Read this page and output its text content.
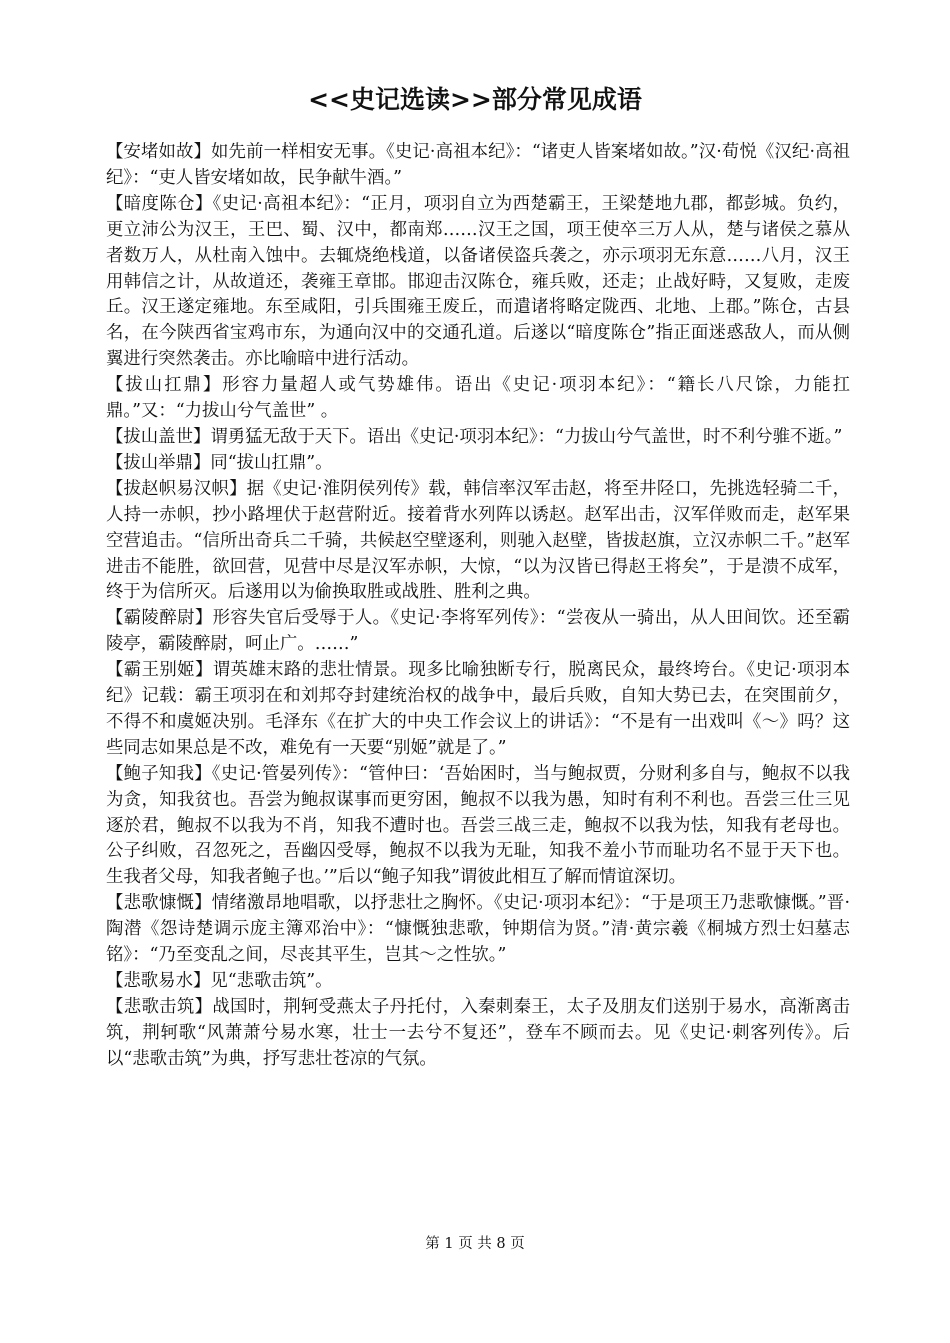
<<史记选读>>部分常见成语

【安堵如故】如先前一样相安无事。《史记·高祖本纪》：“诸吏人皆案堵如故。”汉·荀悦《汉纪·高祖纪》：“吏人皆安堵如故，民争献牛酒。”

【暗度陈仓】《史记·高祖本纪》：“正月，项羽自立为西楚霸王，王梁楚地九郡，都彭城。负约，更立沛公为汉王，王巴、蜀、汉中，都南郑……汉王之国，项王使卒三万人从，楚与诸侯之慕从者数万人，从杜南入蚀中。去辄烧绝栈道，以备诸侯盗兵袭之，亦示项羽无东意……八月，汉王用韩信之计，从故道还，袭雍王章邯。邯迎击汉陈仓，雍兵败，还走；止战好畤，又复败，走废丘。汉王遂定雍地。东至咸阳，引兵围雍王废丘，而遣诸将略定陇西、北地、上郡。”陈仓，古县名，在今陕西省宝鸡市东，为通向汉中的交通孔道。后遂以“暗度陈仓”指正面迷惑敌人，而从侧翼进行突然袭击。亦比喻暗中进行活动。

【拔山扛鼎】形容力量超人或气势雄伟。语出《史记·项羽本纪》：“籍长八尺馀，力能扛鼎。”又：“力拔山兮气盖世” 。

【拔山盖世】谓勇猛无敌于天下。语出《史记·项羽本纪》：“力拔山兮气盖世，时不利兮骓不逝。”

【拔山举鼎】同“拔山扛鼎”。

【拔赵帜易汉帜】据《史记·淮阴侯列传》载，韩信率汉军击赵，将至井陉口，先挑选轻骑二千，人持一赤帜，抄小路埋伏于赵营附近。接着背水列阵以诱赵。赵军出击，汉军佯败而走，赵军果空营追击。“信所出奇兵二千骑，共候赵空壁逐利，则驰入赵壁，皆拔赵旗，立汉赤帜二千。”赵军进击不能胜，欲回营，见营中尽是汉军赤帜，大惊，“以为汉皆已得赵王将矣”，于是溃不成军，终于为信所灭。后遂用以为偷换取胜或战胜、胜利之典。

【霸陵醉尉】形容失官后受辱于人。《史记·李将军列传》：“尝夜从一骑出，从人田间饮。还至霸陵亭，霸陵醉尉，呵止广。……”

【霸王别姬】谓英雄末路的悲壮情景。现多比喻独断专行，脱离民众，最终垮台。《史记·项羽本纪》记载：霸王项羽在和刘邦夺封建统治权的战争中，最后兵败，自知大势已去，在突围前夕，不得不和虞姬决别。毛泽东《在扩大的中央工作会议上的讲话》：“不是有一出戏叫《～》吗？这些同志如果总是不改，难免有一天要“别姬”就是了。”

【鲍子知我】《史记·管晏列传》：“管仲曰：‘吾始困时，当与鲍叔贾，分财利多自与，鲍叔不以我为贪，知我贫也。吾尝为鲍叔谋事而更穷困，鲍叔不以我为愚，知时有利不利也。吾尝三仕三见逐於君，鲍叔不以我为不肖，知我不遭时也。吾尝三战三走，鲍叔不以我为怯，知我有老母也。公子纠败，召忽死之，吾幽囚受辱，鲍叔不以我为无耻，知我不羞小节而耻功名不显于天下也。生我者父母，知我者鲍子也。’”后以“鲍子知我”谓彼此相互了解而情谊深切。

【悲歌慷慨】情绪激昂地唱歌，以抒悲壮之胸怀。《史记·项羽本纪》：“于是项王乃悲歌慷慨。”晋·陶潜《怨诗楚调示庞主簿邓治中》：“慷慨独悲歌，钟期信为贤。”清·黄宗羲《桐城方烈士妇墓志铭》：“乃至变乱之间，尽丧其平生，岂其～之性欤。”

【悲歌易水】见“悲歌击筑”。

【悲歌击筑】战国时，荆轲受燕太子丹托付，入秦刺秦王，太子及朋友们送别于易水，高渐离击筑，荆轲歌“风萧萧兮易水寒，壮士一去兮不复还”，登车不顾而去。见《史记·刺客列传》。后以“悲歌击筑”为典，抒写悲壮苍凉的气氛。

第 1 页 共 8 页
